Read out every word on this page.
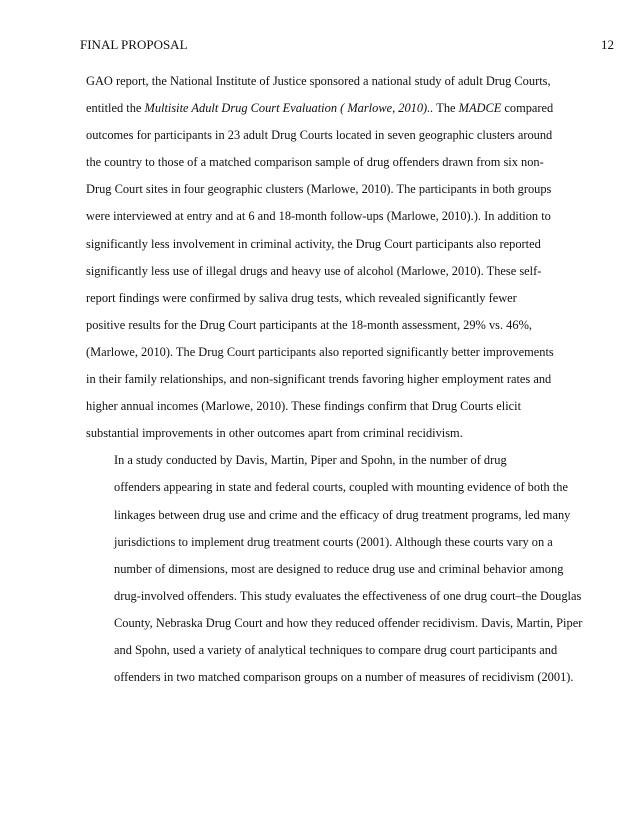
FINAL PROPOSAL	12
GAO report, the National Institute of Justice sponsored a national study of adult Drug Courts,
entitled the Multisite Adult Drug Court Evaluation ( Marlowe, 2010).. The MADCE compared
outcomes for participants in 23 adult Drug Courts located in seven geographic clusters around
the country to those of a matched comparison sample of drug offenders drawn from six non-
Drug Court sites in four geographic clusters (Marlowe, 2010). The participants in both groups
were interviewed at entry and at 6 and 18-month follow-ups (Marlowe, 2010).). In addition to
significantly less involvement in criminal activity, the Drug Court participants also reported
significantly less use of illegal drugs and heavy use of alcohol (Marlowe, 2010). These self-
report findings were confirmed by saliva drug tests, which revealed significantly fewer
positive results for the Drug Court participants at the 18-month assessment, 29% vs. 46%,
(Marlowe, 2010). The Drug Court participants also reported significantly better improvements
in their family relationships, and non-significant trends favoring higher employment rates and
higher annual incomes (Marlowe, 2010). These findings confirm that Drug Courts elicit
substantial improvements in other outcomes apart from criminal recidivism.
In a study conducted by Davis, Martin, Piper and Spohn, in the number of drug
offenders appearing in state and federal courts, coupled with mounting evidence of both the
linkages between drug use and crime and the efficacy of drug treatment programs, led many
jurisdictions to implement drug treatment courts (2001). Although these courts vary on a
number of dimensions, most are designed to reduce drug use and criminal behavior among
drug-involved offenders. This study evaluates the effectiveness of one drug court–the Douglas
County, Nebraska Drug Court and how they reduced offender recidivism. Davis, Martin, Piper
and Spohn, used a variety of analytical techniques to compare drug court participants and
offenders in two matched comparison groups on a number of measures of recidivism (2001).
